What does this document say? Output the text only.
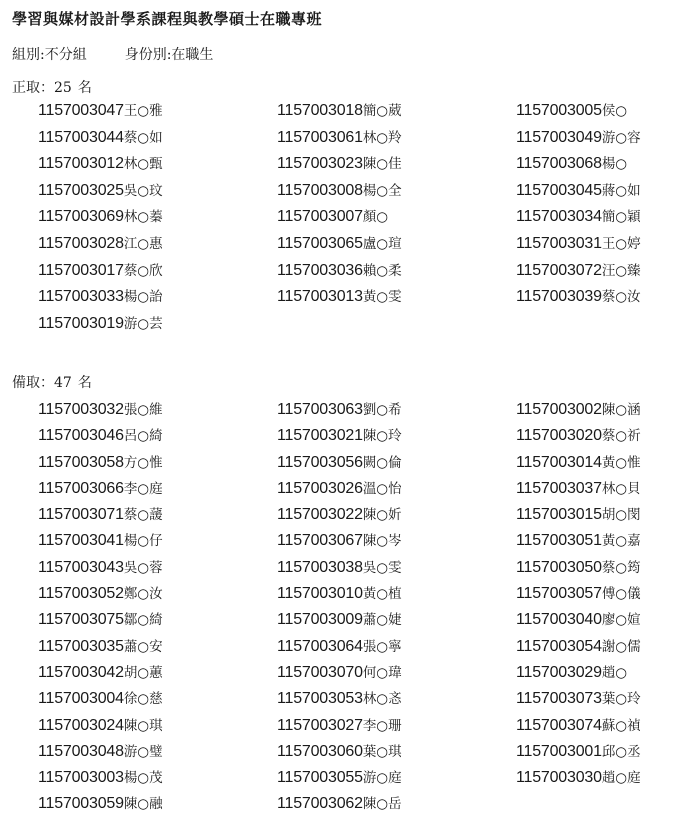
學習與媒材設計學系課程與教學碩士在職專班
組別:不分組	身份別:在職生
正取：25 名
1157003047王○雅
1157003044蔡○如
1157003012林○甄
1157003025吳○玟
1157003069林○蓁
1157003028江○惠
1157003017蔡○欣
1157003033楊○詒
1157003019游○芸
1157003018簡○葳
1157003061林○羚
1157003023陳○佳
1157003008楊○全
1157003007顏○
1157003065盧○瑄
1157003036賴○柔
1157003013黃○雯
1157003005侯○
1157003049游○容
1157003068楊○
1157003045蔣○如
1157003034簡○穎
1157003031王○婷
1157003072汪○臻
1157003039蔡○汝
備取：47 名
1157003032張○維
1157003046呂○綺
1157003058方○惟
1157003066李○庭
1157003071蔡○蘐
1157003041楊○仔
1157003043吳○蓉
1157003052鄭○汝
1157003075鄒○綺
1157003035蕭○安
1157003042胡○蕙
1157003004徐○慈
1157003024陳○琪
1157003048游○璧
1157003003楊○茂
1157003059陳○融
1157003063劉○希
1157003021陳○玲
1157003056闕○倫
1157003026溫○怡
1157003022陳○妡
1157003067陳○岑
1157003038吳○雯
1157003010黃○植
1157003009蕭○婕
1157003064張○寧
1157003070何○瑋
1157003053林○忞
1157003027李○珊
1157003060葉○琪
1157003055游○庭
1157003062陳○岳
1157003002陳○涵
1157003020蔡○祈
1157003014黃○惟
1157003037林○貝
1157003015胡○閔
1157003051黃○嘉
1157003050蔡○筠
1157003057傅○儀
1157003040廖○媗
1157003054謝○儒
1157003029趙○
1157003073葉○玲
1157003074蘇○禎
1157003001邱○丞
1157003030趙○庭
